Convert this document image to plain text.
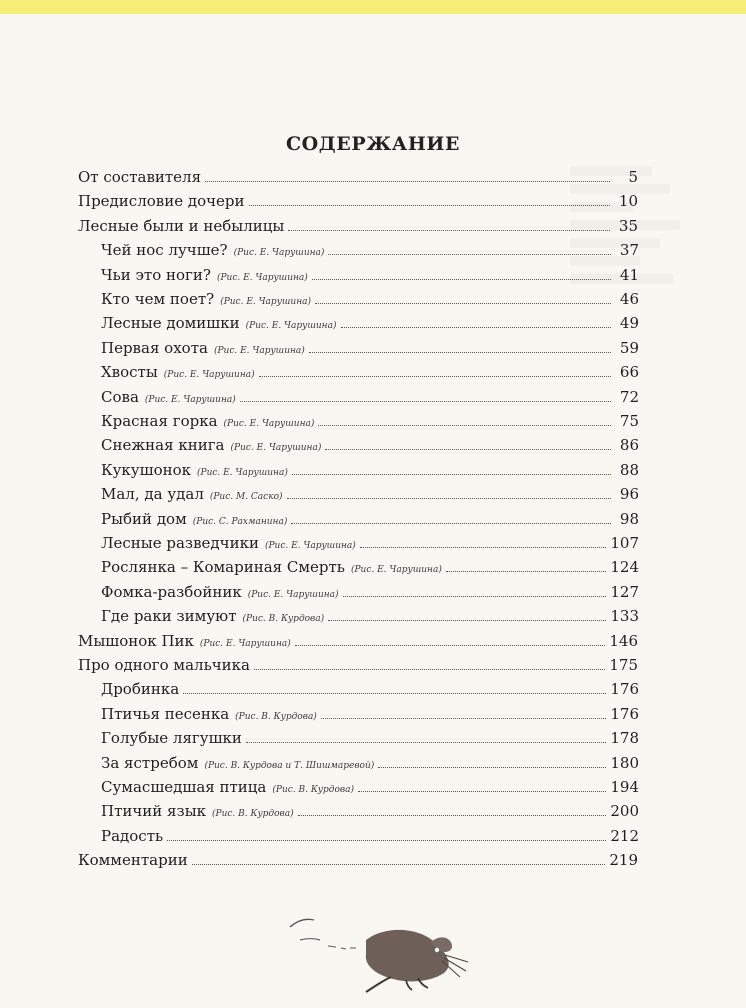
СОДЕРЖАНИЕ
От составителя	5
Предисловие дочери	10
Лесные были и небылицы	35
Чей нос лучше? (Рис. Е. Чарушина)	37
Чьи это ноги? (Рис. Е. Чарушина)	41
Кто чем поет? (Рис. Е. Чарушина)	46
Лесные домишки (Рис. Е. Чарушина)	49
Первая охота (Рис. Е. Чарушина)	59
Хвосты (Рис. Е. Чарушина)	66
Сова (Рис. Е. Чарушина)	72
Красная горка (Рис. Е. Чарушина)	75
Снежная книга (Рис. Е. Чарушина)	86
Кукушонок (Рис. Е. Чарушина)	88
Мал, да удал (Рис. М. Саско)	96
Рыбий дом (Рис. С. Рахманина)	98
Лесные разведчики (Рис. Е. Чарушина)	107
Рослянка – Комариная Смерть (Рис. Е. Чарушина)	124
Фомка-разбойник (Рис. Е. Чарушина)	127
Где раки зимуют (Рис. В. Курдова)	133
Мышонок Пик (Рис. Е. Чарушина)	146
Про одного мальчика	175
Дробинка	176
Птичья песенка (Рис. В. Курдова)	176
Голубые лягушки	178
За ястребом (Рис. В. Курдова и Т. Шишмаревой)	180
Сумасшедшая птица (Рис. В. Курдова)	194
Птичий язык (Рис. В. Курдова)	200
Радость	212
Комментарии	219
